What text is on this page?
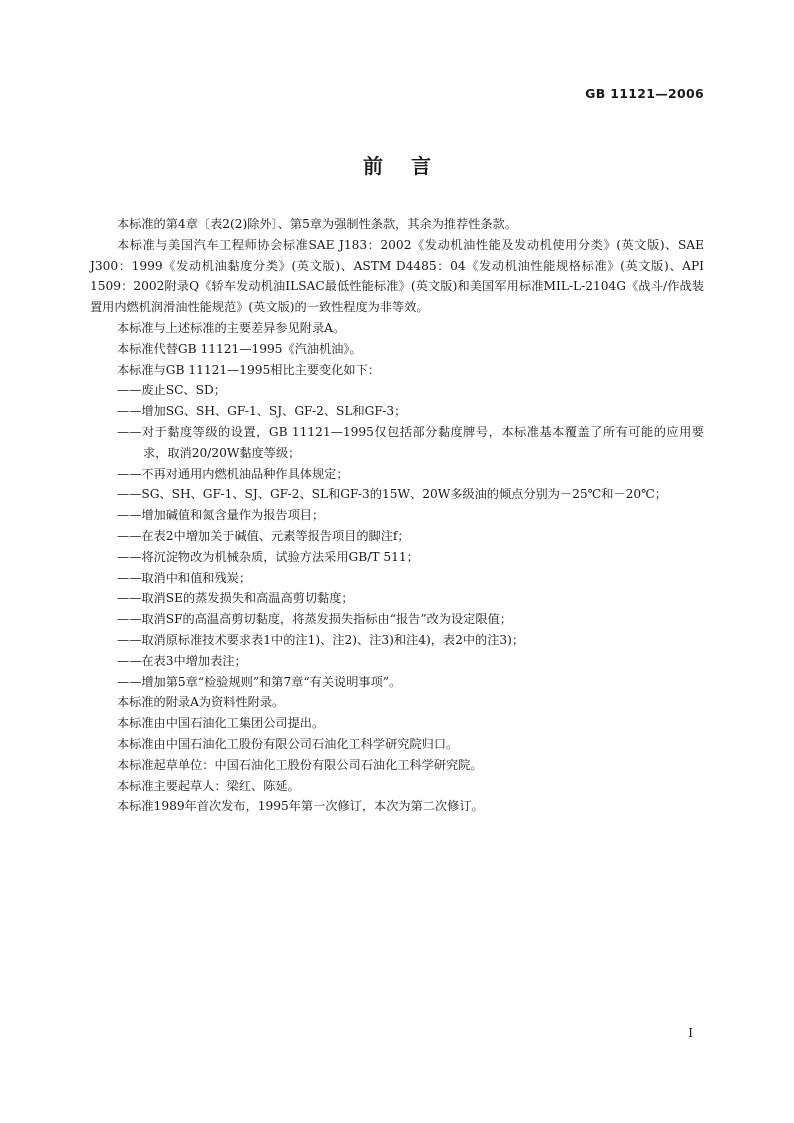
GB 11121—2006
前言

本标准的第4章〔表2(2)除外〕、第5章为强制性条款，其余为推荐性条款。

本标准与美国汽车工程师协会标准SAE J183：2002《发动机油性能及发动机使用分类》(英文版)、SAE J300：1999《发动机油黏度分类》(英文版)、ASTM D4485：04《发动机油性能规格标准》(英文版)、API 1509：2002附录Q《轿车发动机油ILSAC最低性能标准》(英文版)和美国军用标准MIL-L-2104G《战斗/作战装置用内燃机润滑油性能规范》(英文版)的一致性程度为非等效。

本标准与上述标准的主要差异参见附录A。

本标准代替GB 11121—1995《汽油机油》。

本标准与GB 11121—1995相比主要变化如下：

——废止SC、SD；

——增加SG、SH、GF-1、SJ、GF-2、SL和GF-3；

——对于黏度等级的设置，GB 11121—1995仅包括部分黏度牌号，本标准基本覆盖了所有可能的应用要求，取消20/20W黏度等级；

——不再对通用内燃机油品种作具体规定；

——SG、SH、GF-1、SJ、GF-2、SL和GF-3的15W、20W多级油的倾点分别为－25℃和－20℃；

——增加碱值和氮含量作为报告项目；

——在表2中增加关于碱值、元素等报告项目的脚注f；

——将沉淀物改为机械杂质，试验方法采用GB/T 511；

——取消中和值和残炭；

——取消SE的蒸发损失和高温高剪切黏度；

——取消SF的高温高剪切黏度，将蒸发损失指标由“报告”改为设定限值；

——取消原标准技术要求表1中的注1)、注2)、注3)和注4)，表2中的注3)；

——在表3中增加表注；

——增加第5章“检验规则”和第7章“有关说明事项”。

本标准的附录A为资料性附录。

本标准由中国石油化工集团公司提出。

本标准由中国石油化工股份有限公司石油化工科学研究院归口。

本标准起草单位：中国石油化工股份有限公司石油化工科学研究院。

本标准主要起草人：梁红、陈延。

本标准1989年首次发布，1995年第一次修订，本次为第二次修订。

I
